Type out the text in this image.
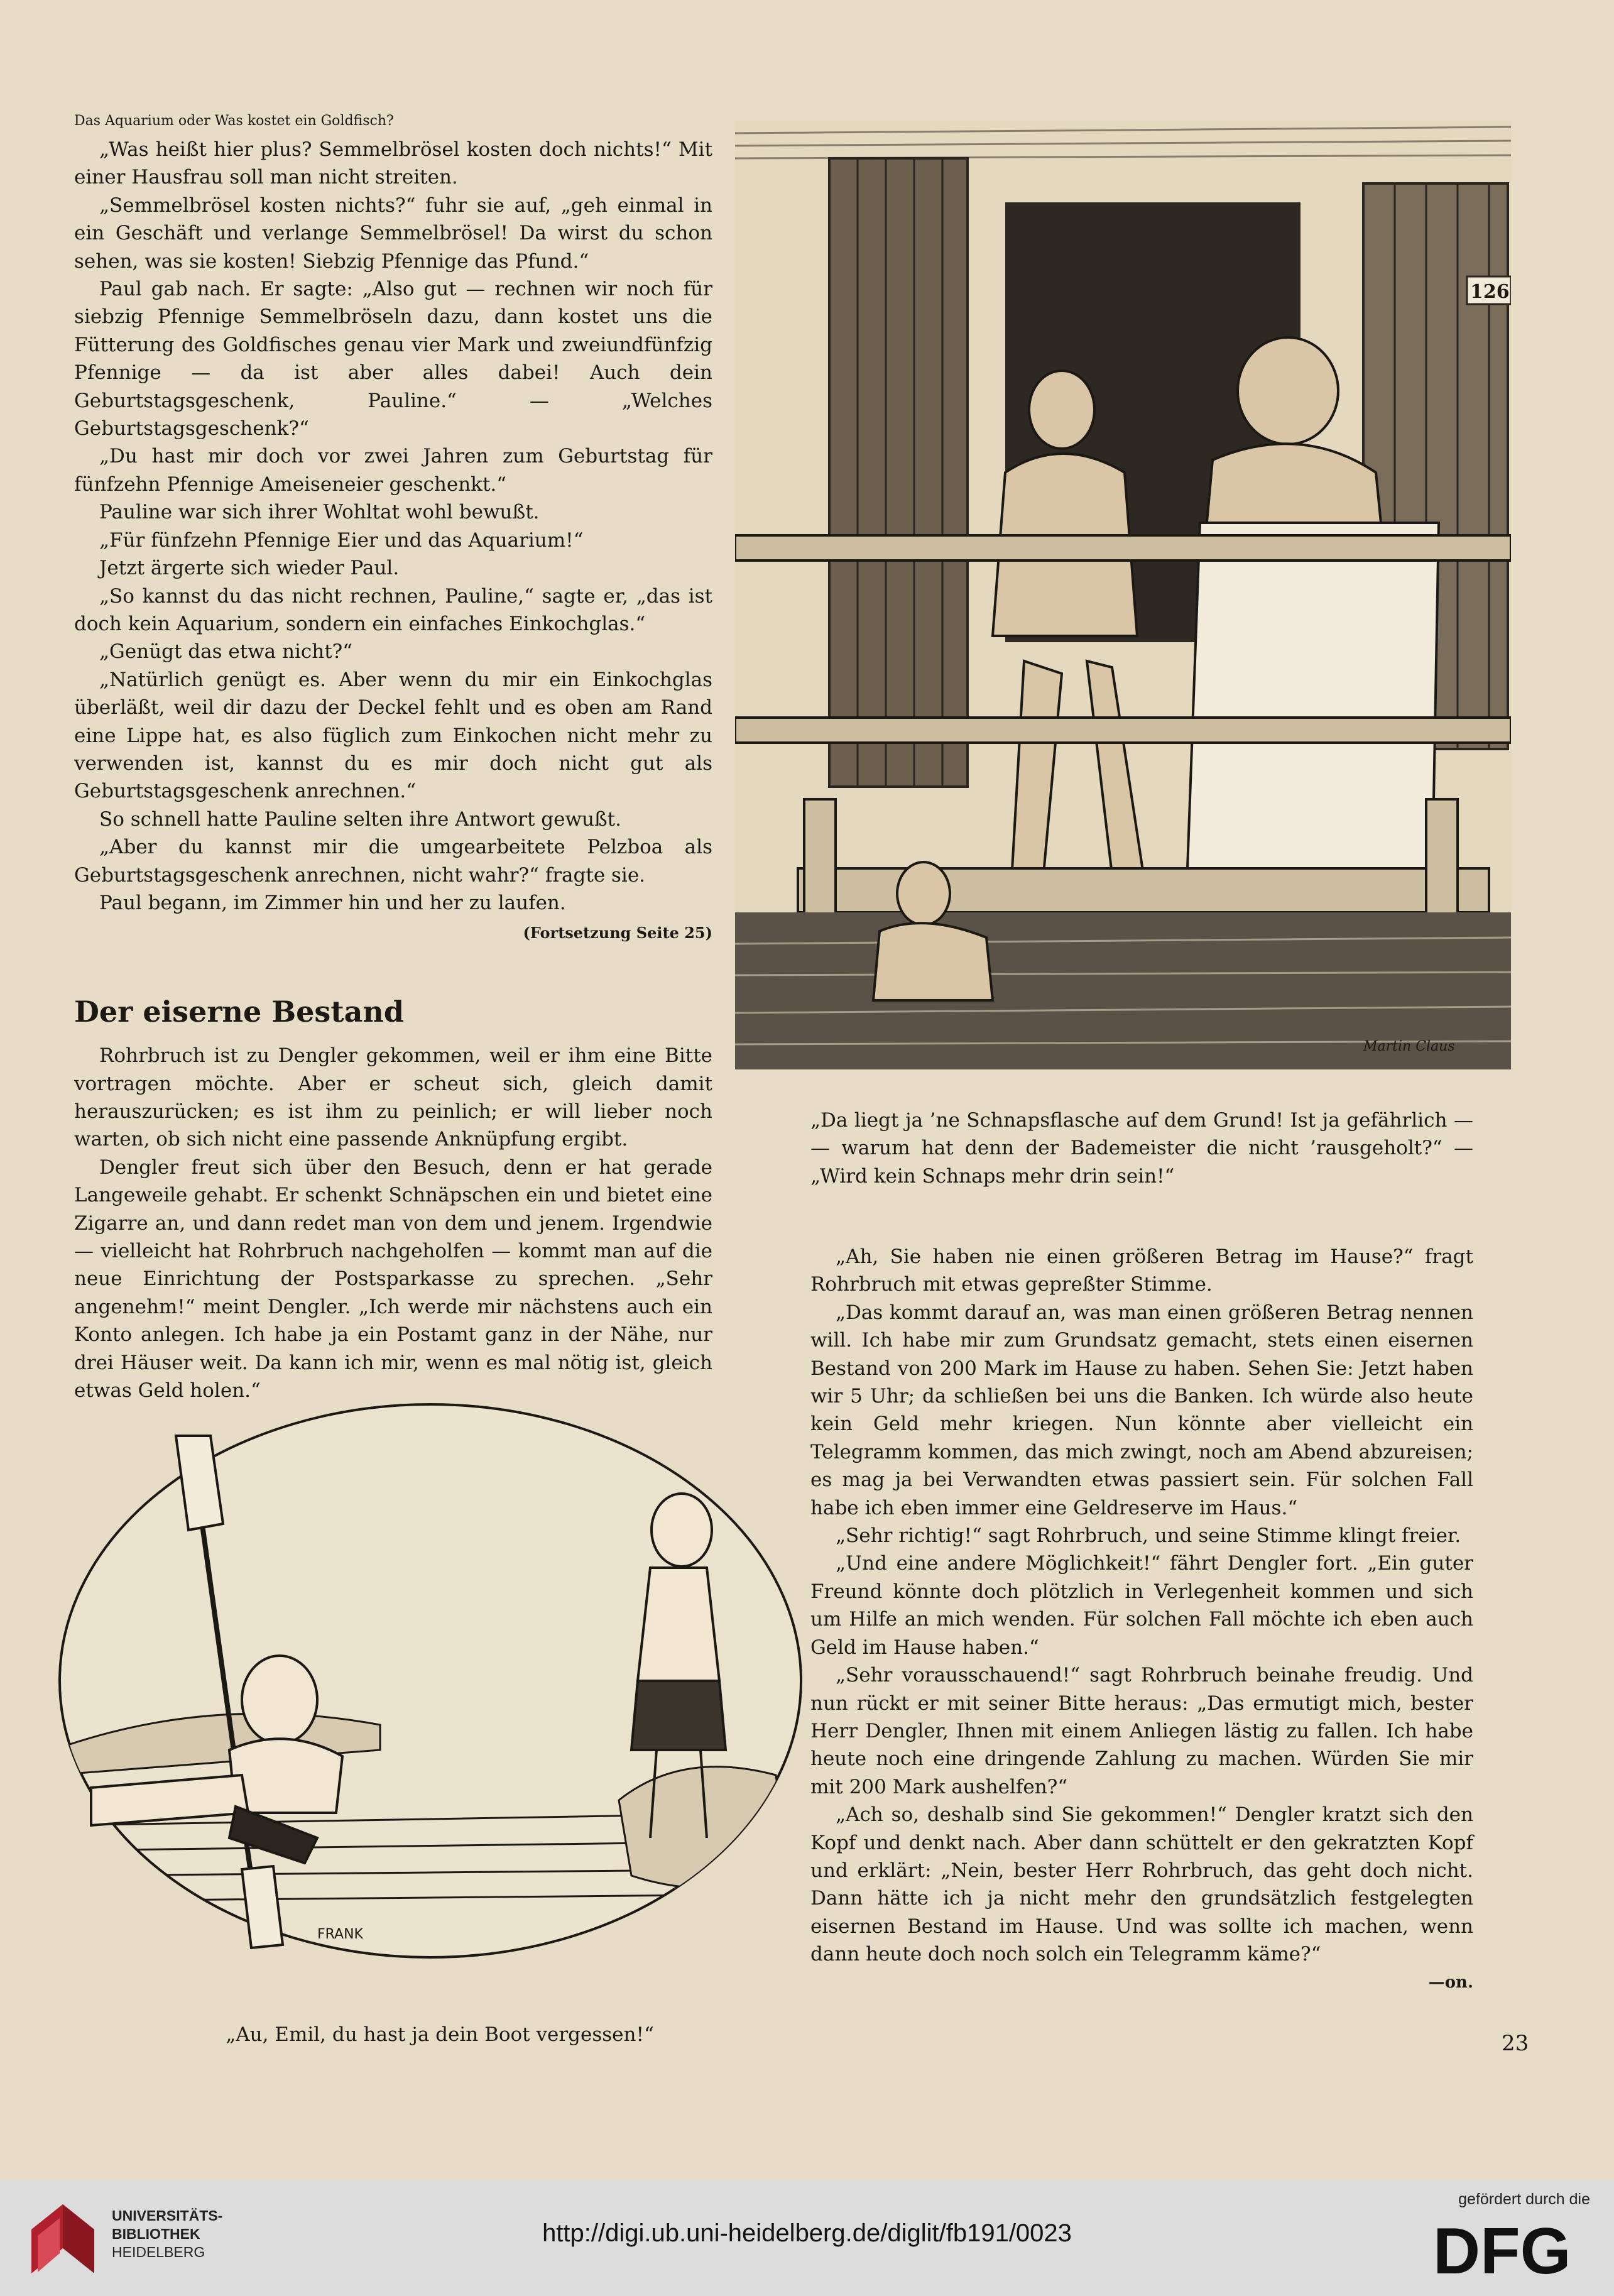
Das Aquarium oder Was kostet ein Goldfisch?

„Was heißt hier plus? Semmelbrösel kosten doch nichts!“ Mit einer Hausfrau soll man nicht streiten.

„Semmelbrösel kosten nichts?“ fuhr sie auf, „geh einmal in ein Geschäft und verlange Semmelbrösel! Da wirst du schon sehen, was sie kosten! Siebzig Pfennige das Pfund.“

Paul gab nach. Er sagte: „Also gut — rechnen wir noch für siebzig Pfennige Semmelbröseln dazu, dann kostet uns die Fütterung des Goldfisches genau vier Mark und zweiundfünfzig Pfennige — da ist aber alles dabei! Auch dein Geburtstagsgeschenk, Pauline.“ — „Welches Geburtstagsgeschenk?“

„Du hast mir doch vor zwei Jahren zum Geburtstag für fünfzehn Pfennige Ameiseneier geschenkt.“

Pauline war sich ihrer Wohltat wohl bewußt.

„Für fünfzehn Pfennige Eier und das Aquarium!“

Jetzt ärgerte sich wieder Paul.

„So kannst du das nicht rechnen, Pauline,“ sagte er, „das ist doch kein Aquarium, sondern ein einfaches Einkochglas.“

„Genügt das etwa nicht?“

„Natürlich genügt es. Aber wenn du mir ein Einkochglas überläßt, weil dir dazu der Deckel fehlt und es oben am Rand eine Lippe hat, es also füglich zum Einkochen nicht mehr zu verwenden ist, kannst du es mir doch nicht gut als Geburtstagsgeschenk anrechnen.“

So schnell hatte Pauline selten ihre Antwort gewußt.

„Aber du kannst mir die umgearbeitete Pelzboa als Geburtstagsgeschenk anrechnen, nicht wahr?“ fragte sie.

Paul begann, im Zimmer hin und her zu laufen.

(Fortsetzung Seite 25)

Der eiserne Bestand

Rohrbruch ist zu Dengler gekommen, weil er ihm eine Bitte vortragen möchte. Aber er scheut sich, gleich damit herauszurücken; es ist ihm zu peinlich; er will lieber noch warten, ob sich nicht eine passende Anknüpfung ergibt.

Dengler freut sich über den Besuch, denn er hat gerade Langeweile gehabt. Er schenkt Schnäpschen ein und bietet eine Zigarre an, und dann redet man von dem und jenem. Irgendwie — vielleicht hat Rohrbruch nachgeholfen — kommt man auf die neue Einrichtung der Postsparkasse zu sprechen. „Sehr angenehm!“ meint Dengler. „Ich werde mir nächstens auch ein Konto anlegen. Ich habe ja ein Postamt ganz in der Nähe, nur drei Häuser weit. Da kann ich mir, wenn es mal nötig ist, gleich etwas Geld holen.“

126
Martin Claus

„Da liegt ja ’ne Schnapsflasche auf dem Grund! Ist ja gefährlich — — warum hat denn der Bademeister die nicht ’rausgeholt?“ — „Wird kein Schnaps mehr drin sein!“

FRANK

„Au, Emil, du hast ja dein Boot vergessen!“

„Ah, Sie haben nie einen größeren Betrag im Hause?“ fragt Rohrbruch mit etwas gepreßter Stimme.

„Das kommt darauf an, was man einen größeren Betrag nennen will. Ich habe mir zum Grundsatz gemacht, stets einen eisernen Bestand von 200 Mark im Hause zu haben. Sehen Sie: Jetzt haben wir 5 Uhr; da schließen bei uns die Banken. Ich würde also heute kein Geld mehr kriegen. Nun könnte aber vielleicht ein Telegramm kommen, das mich zwingt, noch am Abend abzureisen; es mag ja bei Verwandten etwas passiert sein. Für solchen Fall habe ich eben immer eine Geldreserve im Haus.“

„Sehr richtig!“ sagt Rohrbruch, und seine Stimme klingt freier.

„Und eine andere Möglichkeit!“ fährt Dengler fort. „Ein guter Freund könnte doch plötzlich in Verlegenheit kommen und sich um Hilfe an mich wenden. Für solchen Fall möchte ich eben auch Geld im Hause haben.“

„Sehr vorausschauend!“ sagt Rohrbruch beinahe freudig. Und nun rückt er mit seiner Bitte heraus: „Das ermutigt mich, bester Herr Dengler, Ihnen mit einem Anliegen lästig zu fallen. Ich habe heute noch eine dringende Zahlung zu machen. Würden Sie mir mit 200 Mark aushelfen?“

„Ach so, deshalb sind Sie gekommen!“ Dengler kratzt sich den Kopf und denkt nach. Aber dann schüttelt er den gekratzten Kopf und erklärt: „Nein, bester Herr Rohrbruch, das geht doch nicht. Dann hätte ich ja nicht mehr den grundsätzlich festgelegten eisernen Bestand im Hause. Und was sollte ich machen, wenn dann heute doch noch solch ein Telegramm käme?“

—on.

23
UNIVERSITÄTS-
BIBLIOTHEK
HEIDELBERG
http://digi.ub.uni-heidelberg.de/diglit/fb191/0023
gefördert durch die
DFG
